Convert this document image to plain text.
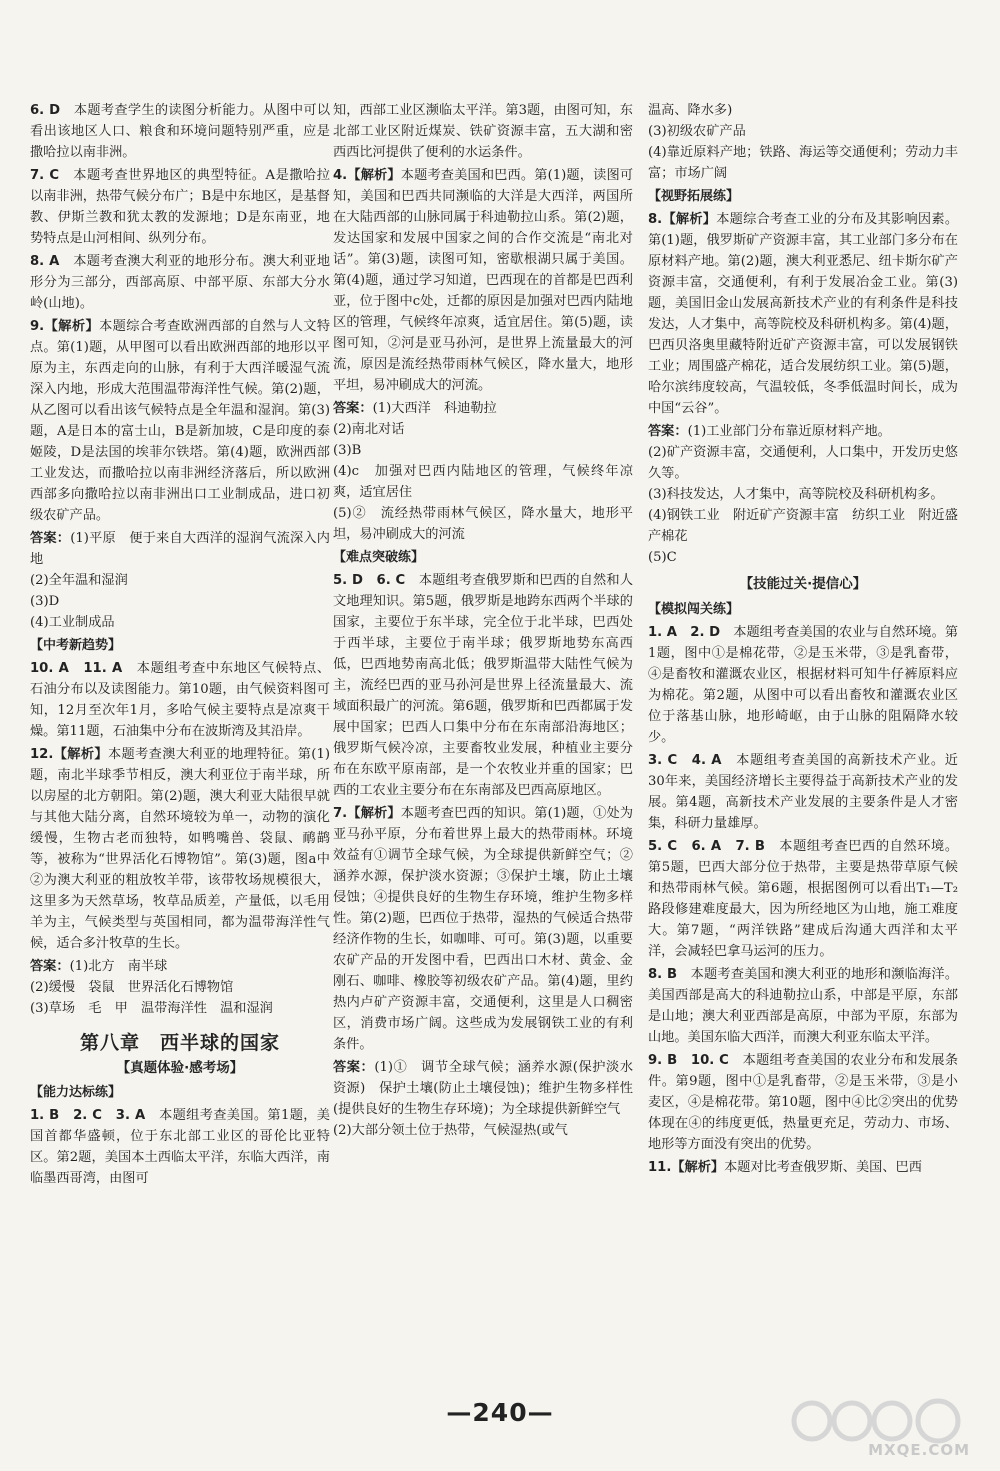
6. D　 本题考查学生的读图分析能力。从图中可以看出该地区人口、粮食和环境问题特别严重，应是撒哈拉以南非洲。

7. C　 本题考查世界地区的典型特征。A是撒哈拉以南非洲，热带气候分布广；B是中东地区，是基督教、伊斯兰教和犹太教的发源地；D是东南亚，地势特点是山河相间、纵列分布。

8. A　 本题考查澳大利亚的地形分布。澳大利亚地形分为三部分，西部高原、中部平原、东部大分水岭(山地)。

9.【解析】本题综合考查欧洲西部的自然与人文特点。第(1)题，从甲图可以看出欧洲西部的地形以平原为主，东西走向的山脉，有利于大西洋暖湿气流深入内地，形成大范围温带海洋性气候。第(2)题，从乙图可以看出该气候特点是全年温和湿润。第(3)题，A是日本的富士山，B是新加坡，C是印度的泰姬陵，D是法国的埃菲尔铁塔。第(4)题，欧洲西部工业发达，而撒哈拉以南非洲经济落后，所以欧洲西部多向撒哈拉以南非洲出口工业制成品，进口初级农矿产品。

答案：(1)平原　便于来自大西洋的湿润气流深入内地

(2)全年温和湿润

(3)D

(4)工业制成品

【中考新趋势】

10. A　11. A　 本题组考查中东地区气候特点、石油分布以及读图能力。第10题，由气候资料图可知，12月至次年1月，多哈气候主要特点是凉爽干燥。第11题，石油集中分布在波斯湾及其沿岸。

12.【解析】本题考查澳大利亚的地理特征。第(1)题，南北半球季节相反，澳大利亚位于南半球，所以房屋的北方朝阳。第(2)题，澳大利亚大陆很早就与其他大陆分离，自然环境较为单一，动物的演化缓慢，生物古老而独特，如鸭嘴兽、袋鼠、鸸鹋等，被称为“世界活化石博物馆”。第(3)题，图a中②为澳大利亚的粗放牧羊带，该带牧场规模很大，这里多为天然草场，牧草品质差，产量低，以毛用羊为主，气候类型与英国相同，都为温带海洋性气候，适合多汁牧草的生长。

答案：(1)北方　南半球

(2)缓慢　袋鼠　世界活化石博物馆

(3)草场　毛　甲　温带海洋性　温和湿润

第八章　西半球的国家
【真题体验·感考场】

【能力达标练】

1. B　2. C　3. A　 本题组考查美国。第1题，美国首都华盛顿，位于东北部工业区的哥伦比亚特区。第2题，美国本土西临太平洋，东临大西洋，南临墨西哥湾，由图可

知，西部工业区濒临太平洋。第3题，由图可知，东北部工业区附近煤炭、铁矿资源丰富，五大湖和密西西比河提供了便利的水运条件。

4.【解析】本题考查美国和巴西。第(1)题，读图可知，美国和巴西共同濒临的大洋是大西洋，两国所在大陆西部的山脉同属于科迪勒拉山系。第(2)题，发达国家和发展中国家之间的合作交流是“南北对话”。第(3)题，读图可知，密歇根湖只属于美国。第(4)题，通过学习知道，巴西现在的首都是巴西利亚，位于图中c处，迁都的原因是加强对巴西内陆地区的管理，气候终年凉爽，适宜居住。第(5)题，读图可知，②河是亚马孙河，是世界上流量最大的河流，原因是流经热带雨林气候区，降水量大，地形平坦，易冲刷成大的河流。

答案：(1)大西洋　科迪勒拉

(2)南北对话

(3)B

(4)c　加强对巴西内陆地区的管理，气候终年凉爽，适宜居住

(5)②　流经热带雨林气候区，降水量大，地形平坦，易冲刷成大的河流

【难点突破练】

5. D　6. C　 本题组考查俄罗斯和巴西的自然和人文地理知识。第5题，俄罗斯是地跨东西两个半球的国家，主要位于东半球，完全位于北半球，巴西处于西半球，主要位于南半球；俄罗斯地势东高西低，巴西地势南高北低；俄罗斯温带大陆性气候为主，流经巴西的亚马孙河是世界上径流量最大、流域面积最广的河流。第6题，俄罗斯和巴西都属于发展中国家；巴西人口集中分布在东南部沿海地区；俄罗斯气候冷凉，主要畜牧业发展，种植业主要分布在东欧平原南部，是一个农牧业并重的国家；巴西的工农业主要分布在东南部及巴西高原地区。

7.【解析】本题考查巴西的知识。第(1)题，①处为亚马孙平原，分布着世界上最大的热带雨林。环境效益有①调节全球气候，为全球提供新鲜空气；②涵养水源，保护淡水资源；③保护土壤，防止土壤侵蚀；④提供良好的生物生存环境，维护生物多样性。第(2)题，巴西位于热带，湿热的气候适合热带经济作物的生长，如咖啡、可可。第(3)题，以重要农矿产品的开发图中看，巴西出口木材、黄金、金刚石、咖啡、橡胶等初级农矿产品。第(4)题，里约热内卢矿产资源丰富，交通便利，这里是人口稠密区，消费市场广阔。这些成为发展钢铁工业的有利条件。

答案：(1)①　调节全球气候；涵养水源(保护淡水资源)　保护土壤(防止土壤侵蚀)；维护生物多样性(提供良好的生物生存环境)；为全球提供新鲜空气

(2)大部分领土位于热带，气候湿热(或气

温高、降水多)

(3)初级农矿产品

(4)靠近原料产地；铁路、海运等交通便利；劳动力丰富；市场广阔

【视野拓展练】

8.【解析】本题综合考查工业的分布及其影响因素。第(1)题，俄罗斯矿产资源丰富，其工业部门多分布在原材料产地。第(2)题，澳大利亚悉尼、纽卡斯尔矿产资源丰富，交通便利，有利于发展冶金工业。第(3)题，美国旧金山发展高新技术产业的有利条件是科技发达，人才集中，高等院校及科研机构多。第(4)题，巴西贝洛奥里藏特附近矿产资源丰富，可以发展钢铁工业；周围盛产棉花，适合发展纺织工业。第(5)题，哈尔滨纬度较高，气温较低，冬季低温时间长，成为中国“云谷”。

答案：(1)工业部门分布靠近原材料产地。

(2)矿产资源丰富，交通便利，人口集中，开发历史悠久等。

(3)科技发达，人才集中，高等院校及科研机构多。

(4)钢铁工业　附近矿产资源丰富　纺织工业　附近盛产棉花

(5)C

【技能过关·提信心】

【模拟闯关练】

1. A　2. D　 本题组考查美国的农业与自然环境。第1题，图中①是棉花带，②是玉米带，③是乳畜带，④是畜牧和灌溉农业区，根据材料可知牛仔裤原料应为棉花。第2题，从图中可以看出畜牧和灌溉农业区位于落基山脉，地形崎岖，由于山脉的阻隔降水较少。

3. C　4. A　 本题组考查美国的高新技术产业。近30年来，美国经济增长主要得益于高新技术产业的发展。第4题，高新技术产业发展的主要条件是人才密集，科研力量雄厚。

5. C　6. A　7. B　 本题组考查巴西的自然环境。第5题，巴西大部分位于热带，主要是热带草原气候和热带雨林气候。第6题，根据图例可以看出T₁—T₂路段修建难度最大，因为所经地区为山地，施工难度大。第7题，“两洋铁路”建成后沟通大西洋和太平洋，会减轻巴拿马运河的压力。

8. B　 本题考查美国和澳大利亚的地形和濒临海洋。美国西部是高大的科迪勒拉山系，中部是平原，东部是山地；澳大利亚西部是高原，中部为平原，东部为山地。美国东临大西洋，而澳大利亚东临太平洋。

9. B　10. C　 本题组考查美国的农业分布和发展条件。第9题，图中①是乳畜带，②是玉米带，③是小麦区，④是棉花带。第10题，图中④比②突出的优势体现在④的纬度更低，热量更充足，劳动力、市场、地形等方面没有突出的优势。

11.【解析】本题对比考查俄罗斯、美国、巴西

—240—
MXQE.COM
